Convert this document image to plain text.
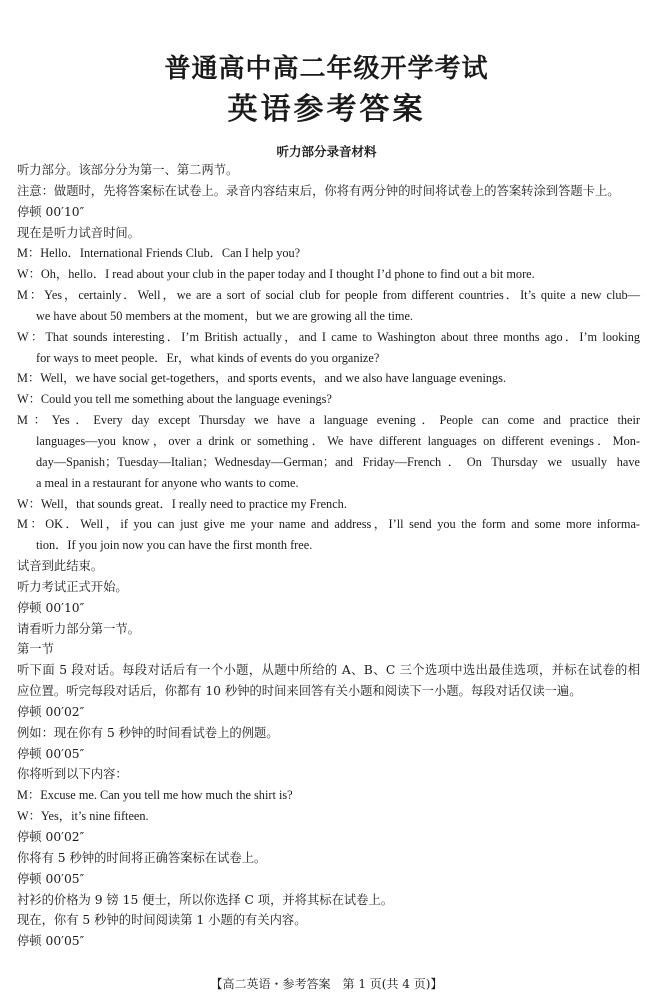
普通高中高二年级开学考试
英语参考答案
听力部分录音材料
听力部分。该部分分为第一、第二两节。
注意：做题时，先将答案标在试卷上。录音内容结束后，你将有两分钟的时间将试卷上的答案转涂到答题卡上。
停顿 00′10″
现在是听力试音时间。
M：Hello．International Friends Club．Can I help you?
W：Oh，hello．I read about your club in the paper today and I thought I’d phone to find out a bit more.
M：Yes，certainly．Well，we are a sort of social club for people from different countries．It’s quite a new club—
we have about 50 members at the moment，but we are growing all the time.
W：That sounds interesting．I’m British actually，and I came to Washington about three months ago．I’m looking
for ways to meet people．Er，what kinds of events do you organize?
M：Well，we have social get-togethers，and sports events，and we also have language evenings.
W：Could you tell me something about the language evenings?
M：Yes．Every day except Thursday we have a language evening．People can come and practice their
languages—you know，over a drink or something．We have different languages on different evenings．Mon-
day—Spanish；Tuesday—Italian；Wednesday—German；and Friday—French．On Thursday we usually have
a meal in a restaurant for anyone who wants to come.
W：Well，that sounds great．I really need to practice my French.
M：OK．Well，if you can just give me your name and address，I’ll send you the form and some more informa-
tion．If you join now you can have the first month free.
试音到此结束。
听力考试正式开始。
停顿 00′10″
请看听力部分第一节。
第一节
听下面 5 段对话。每段对话后有一个小题，从题中所给的 A、B、C 三个选项中选出最佳选项，并标在试卷的相
应位置。听完每段对话后，你都有 10 秒钟的时间来回答有关小题和阅读下一小题。每段对话仅读一遍。
停顿 00′02″
例如：现在你有 5 秒钟的时间看试卷上的例题。
停顿 00′05″
你将听到以下内容：
M：Excuse me. Can you tell me how much the shirt is?
W：Yes，it’s nine fifteen.
停顿 00′02″
你将有 5 秒钟的时间将正确答案标在试卷上。
停顿 00′05″
衬衫的价格为 9 镑 15 便士，所以你选择 C 项，并将其标在试卷上。
现在，你有 5 秒钟的时间阅读第 1 小题的有关内容。
停顿 00′05″
【高二英语・参考答案　第 1 页(共 4 页)】
